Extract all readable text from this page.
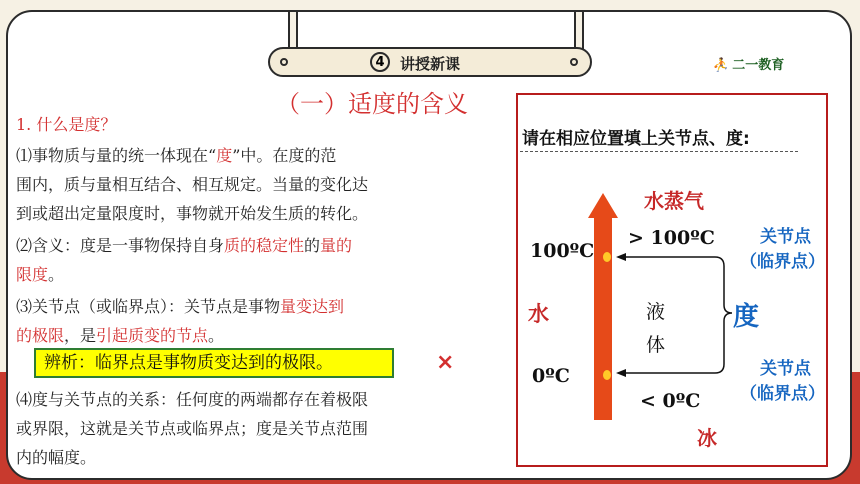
4	讲授新课	⛹ 二一教育
（一）适度的含义
1. 什么是度？
⑴事物质与量的统一体现在“度”中。在度的范
围内，质与量相互结合、相互规定。当量的变化达
到或超出定量限度时，事物就开始发生质的转化。
⑵含义：度是一事物保持自身质的稳定性的量的
限度。
⑶关节点（或临界点）：关节点是事物量变达到
的极限，是引起质变的节点。
辨析：临界点是事物质变达到的极限。	×
⑷度与关节点的关系：任何度的两端都存在着极限
或界限，这就是关节点或临界点；度是关节点范围
内的幅度。
请在相应位置填上关节点、度:
水蒸气
> 100ºC
100ºC
水	液
体
度
0ºC
< 0ºC
冰
关节点
（临界点）
关节点
（临界点）
